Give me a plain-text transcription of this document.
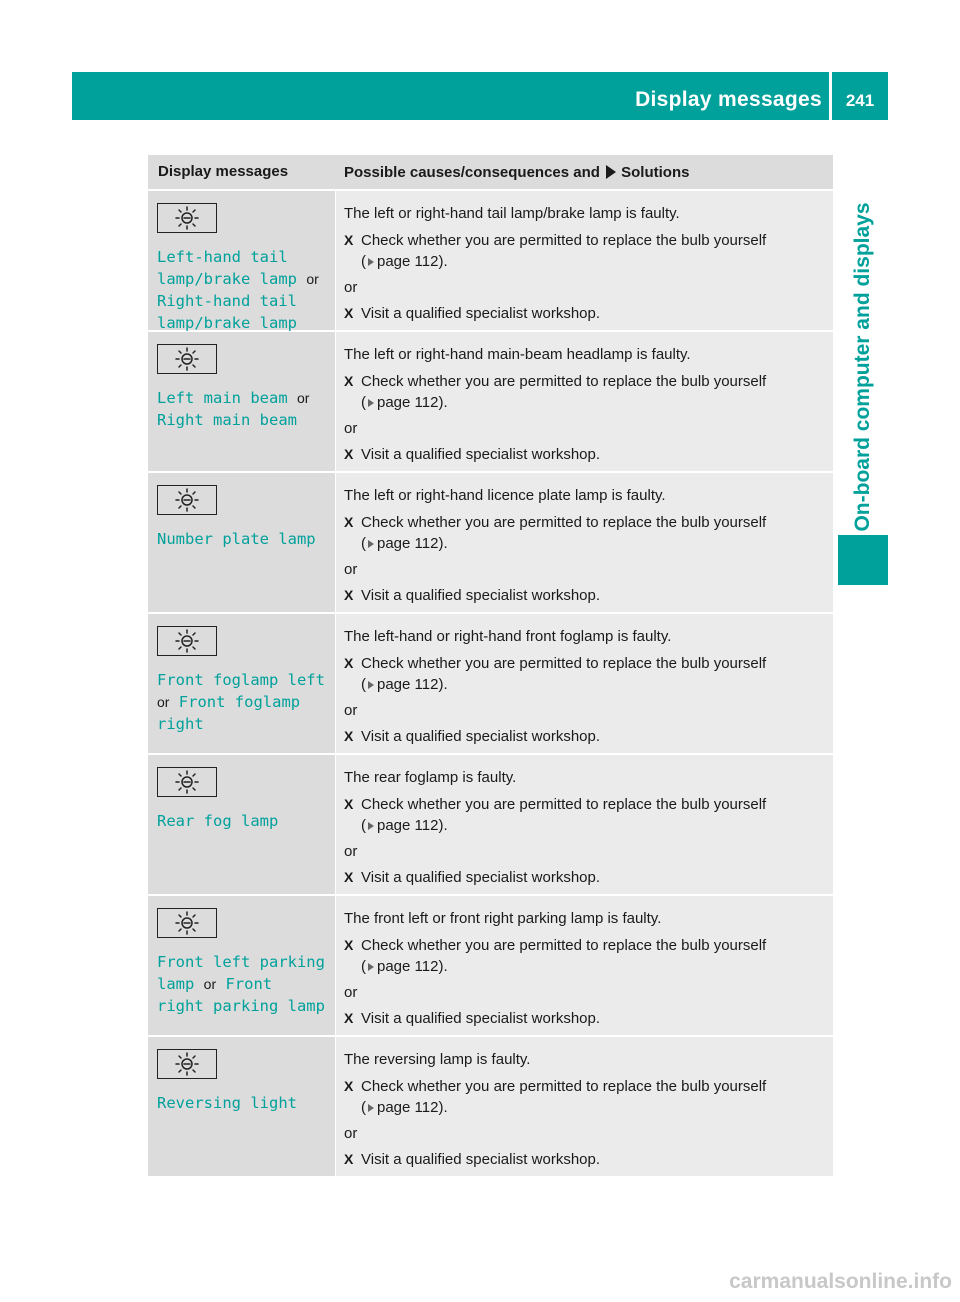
Display messages	241
On-board computer and displays
Display messages	Possible causes/consequences and Solutions
Left-hand tail
lamp/brake lamp or
Right-hand tail
lamp/brake lamp
The left or right-hand tail lamp/brake lamp is faulty.
X Check whether you are permitted to replace the bulb yourself
( page 112).
or
X Visit a qualified specialist workshop.
Left main beam or
Right main beam
The left or right-hand main-beam headlamp is faulty.
X Check whether you are permitted to replace the bulb yourself
( page 112).
or
X Visit a qualified specialist workshop.
Number plate lamp
The left or right-hand licence plate lamp is faulty.
X Check whether you are permitted to replace the bulb yourself
( page 112).
or
X Visit a qualified specialist workshop.
Front foglamp left
or Front foglamp
right
The left-hand or right-hand front foglamp is faulty.
X Check whether you are permitted to replace the bulb yourself
( page 112).
or
X Visit a qualified specialist workshop.
Rear fog lamp
The rear foglamp is faulty.
X Check whether you are permitted to replace the bulb yourself
( page 112).
or
X Visit a qualified specialist workshop.
Front left parking
lamp or Front
right parking lamp
The front left or front right parking lamp is faulty.
X Check whether you are permitted to replace the bulb yourself
( page 112).
or
X Visit a qualified specialist workshop.
Reversing light
The reversing lamp is faulty.
X Check whether you are permitted to replace the bulb yourself
( page 112).
or
X Visit a qualified specialist workshop.
carmanualsonline.info
